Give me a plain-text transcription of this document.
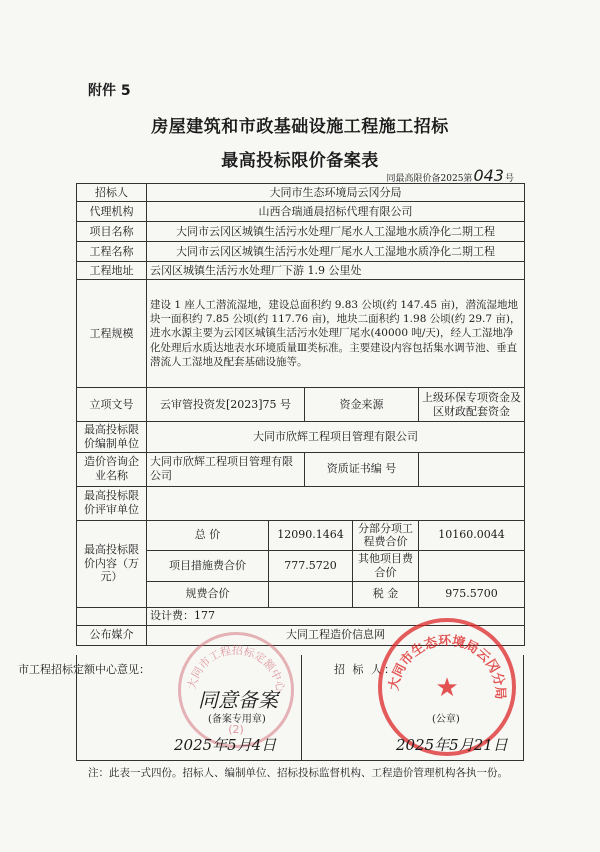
附件 5
房屋建筑和市政基础设施工程施工招标
最高投标限价备案表
同最高限价备2025第043号
招标人	大同市生态环境局云冈分局				
代理机构	山西合瑞通晨招标代理有限公司				
项目名称	大同市云冈区城镇生活污水处理厂尾水人工湿地水质净化二期工程				
工程名称	大同市云冈区城镇生活污水处理厂尾水人工湿地水质净化二期工程				
工程地址	云冈区城镇生活污水处理厂下游 1.9 公里处				
工程规模	建设 1 座人工潜流湿地，建设总面积约 9.83 公顷(约 147.45 亩)，潜流湿地地块一面积约 7.85 公顷(约 117.76 亩)，地块二面积约 1.98 公顷(约 29.7 亩)，进水水源主要为云冈区城镇生活污水处理厂尾水(40000 吨/天)，经人工湿地净化处理后水质达地表水环境质量Ⅲ类标准。主要建设内容包括集水调节池、垂直潜流人工湿地及配套基础设施等。				
立项文号	云审管投资发[2023]75 号		资金来源		上级环保专项资金及区财政配套资金
最高投标限价编制单位	大同市欣辉工程项目管理有限公司				
造价咨询企业名称	大同市欣辉工程项目管理有限公司		资质证书编 号		
最高投标限价评审单位					
最高投标限价内容（万元）	总 价	12090.1464		分部分项工程费合价	10160.0044
	项目措施费合价	777.5720		其他项目费合价	
	规费合价			税 金	975.5700
	设计费：177				
公布媒介	大同工程造价信息网				
市工程招标定额中心意见：	招 标 人：
大同市工程招标定额中心
(2)
大同市生态环境局云冈分局
★
同意备案
(备案专用章)	(公章)
2025年5月4日	2025年5月21日
注：此表一式四份。招标人、编制单位、招标投标监督机构、工程造价管理机构各执一份。
